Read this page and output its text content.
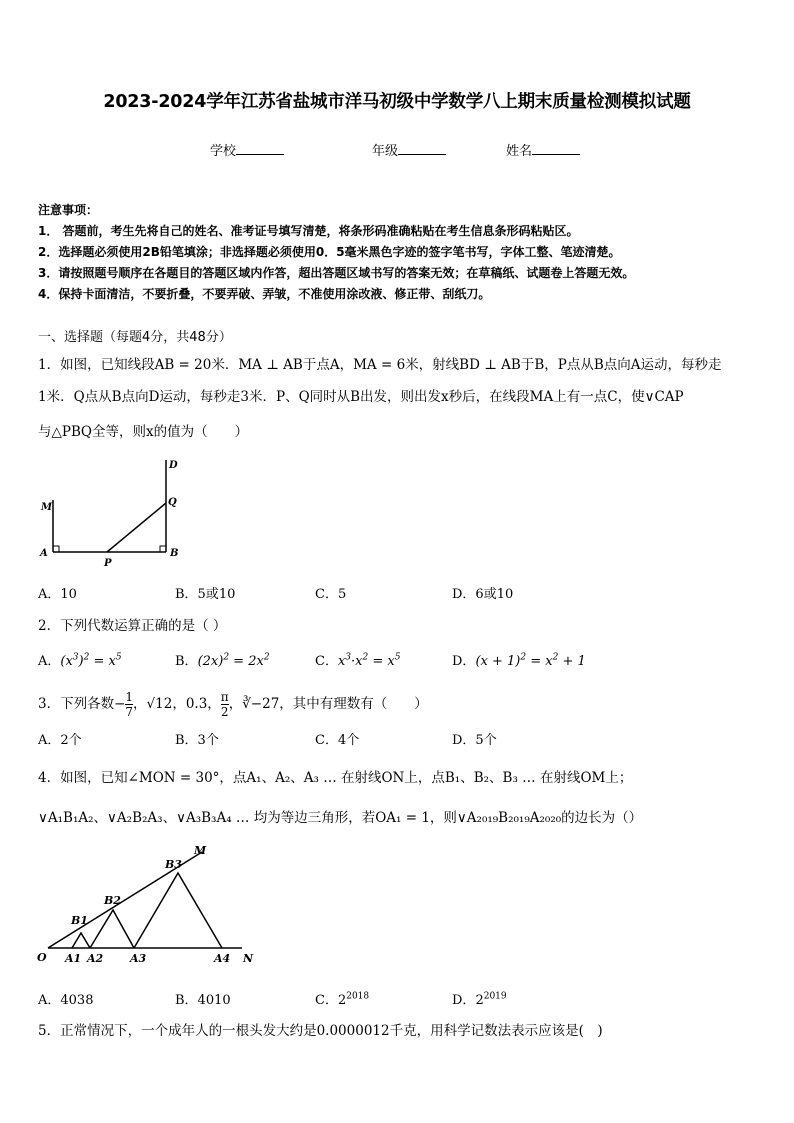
2023-2024学年江苏省盐城市洋马初级中学数学八上期末质量检测模拟试题
学校	年级	姓名
注意事项：
1． 答题前，考生先将自己的姓名、准考证号填写清楚，将条形码准确粘贴在考生信息条形码粘贴区。
2．选择题必须使用2B铅笔填涂；非选择题必须使用0．5毫米黑色字迹的签字笔书写，字体工整、笔迹清楚。
3．请按照题号顺序在各题目的答题区域内作答，超出答题区域书写的答案无效；在草稿纸、试题卷上答题无效。
4．保持卡面清洁，不要折叠，不要弄破、弄皱，不准使用涂改液、修正带、刮纸刀。
一、选择题（每题4分，共48分）
1．如图，已知线段AB = 20米．MA ⊥ AB于点A，MA = 6米，射线BD ⊥ AB于B，P点从B点向A运动，每秒走
1米．Q点从B点向D运动，每秒走3米．P、Q同时从B出发，则出发x秒后，在线段MA上有一点C，使∨CAP
与△PBQ全等，则x的值为（　　）
M
A
P
B
Q
D
A．10	B．5或10	C．5	D．6或10
2．下列代数运算正确的是（ ）
A．$(x^3)^2 = x^5$	B．$(2x)^2 = 2x^2$	C．$x^3\cdot x^2 = x^5$	D．$(x + 1)^2 = x^2 + 1$
3．下列各数− $\frac{1}{7}$ ，√12，0.3， $\frac{\pi}{2}$ ，∛−27，其中有理数有（　　）
A．2个	B．3个	C．4个	D．5个
4．如图，已知∠MON = 30°，点A₁、A₂、A₃ … 在射线ON上，点B₁、B₂、B₃ … 在射线OM上；
∨A₁B₁A₂、∨A₂B₂A₃、∨A₃B₃A₄ … 均为等边三角形，若OA₁ = 1，则∨A₂₀₁₉B₂₀₁₉A₂₀₂₀的边长为（）
O A1 A2 A3	A4 N
B1
B2
B3
M
A．4038	B．4010	C．$2^{2018}$	D．$2^{2019}$
5．正常情况下，一个成年人的一根头发大约是0.0000012千克，用科学记数法表示应该是(　)
